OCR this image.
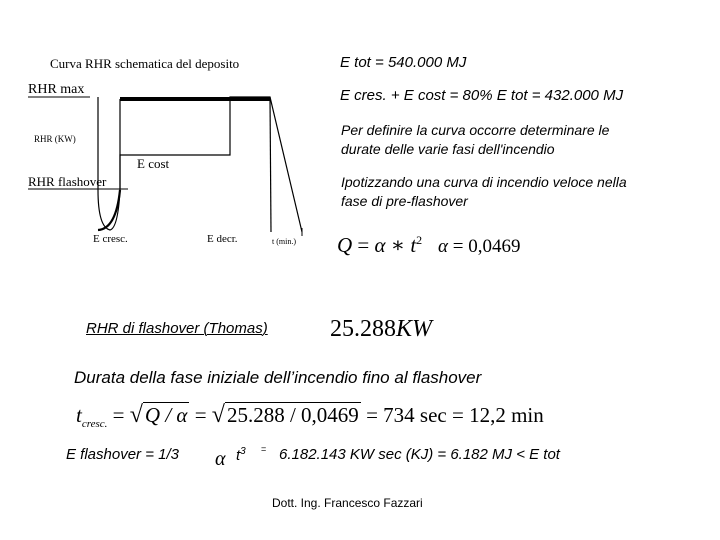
Curva RHR schematica del deposito
RHR max
RHR (KW)
E cost
RHR flashover
E cresc.	E decr.	t (min.)
E tot = 540.000 MJ
E cres. + E cost = 80% E tot = 432.000 MJ
Per definire la curva occorre determinare le
durate delle varie fasi dell'incendio
Ipotizzando una curva di incendio veloce nella
fase di pre-flashover
Q = α ∗ $t^2$ α = 0,0469
RHR di flashover (Thomas)	25.288KW
Durata della fase iniziale dell’incendio fino al flashover
$t_{cresc.} = √Q / \alpha = √25.288 / 0,0469 = 734$ sec = 12,2 min
E flashover = 1/3 α $t^3 = 6.182.143$ KW sec (KJ) = 6.182 MJ < E tot
Dott. Ing. Francesco Fazzari
